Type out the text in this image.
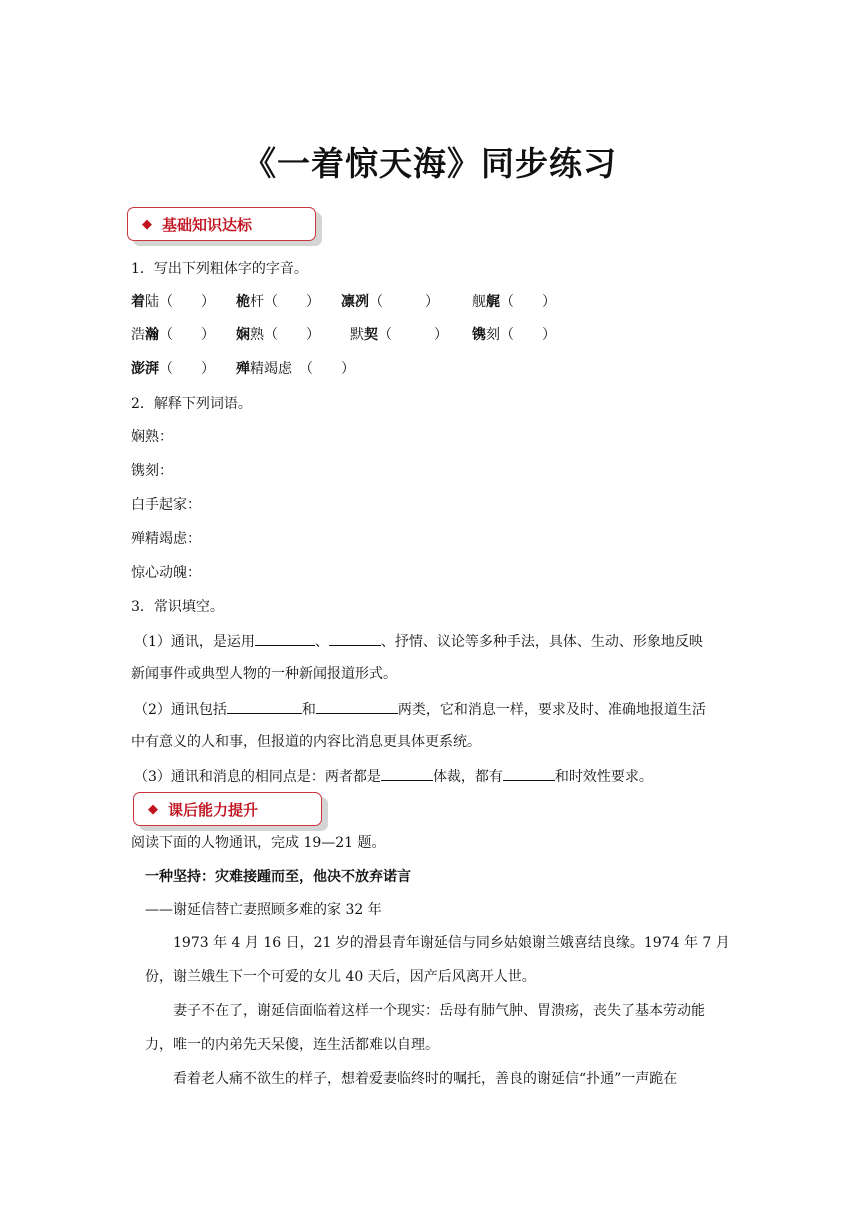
《一着惊天海》同步练习
◆ 基础知识达标
1．写出下列粗体字的字音。
着陆（　　） 桅杆（　　） 凛冽（　　　） 舰艉（　　）
浩瀚（　　） 娴熟（　　） 默契（　　　） 镌刻（　　）
澎湃（　　） 殚精竭虑　（　　）
2．解释下列词语。
娴熟：
镌刻：
白手起家：
殚精竭虑：
惊心动魄：
3．常识填空。
（1）通讯，是运用	、	、抒情、议论等多种手法，具体、生动、形象地反映
新闻事件或典型人物的一种新闻报道形式。
（2）通讯包括	和	两类，它和消息一样，要求及时、准确地报道生活
中有意义的人和事，但报道的内容比消息更具体更系统。
（3）通讯和消息的相同点是：两者都是	体裁，都有	和时效性要求。
◆ 课后能力提升
阅读下面的人物通讯，完成 19—21 题。
一种坚持：灾难接踵而至，他决不放弃诺言
——谢延信替亡妻照顾多难的家 32 年
1973 年 4 月 16 日，21 岁的滑县青年谢延信与同乡姑娘谢兰娥喜结良缘。1974 年 7 月份，谢兰娥生下一个可爱的女儿 40 天后，因产后风离开人世。
妻子不在了，谢延信面临着这样一个现实：岳母有肺气肿、胃溃疡，丧失了基本劳动能力，唯一的内弟先天呆傻，连生活都难以自理。
看着老人痛不欲生的样子，想着爱妻临终时的嘱托，善良的谢延信“扑通”一声跪在
